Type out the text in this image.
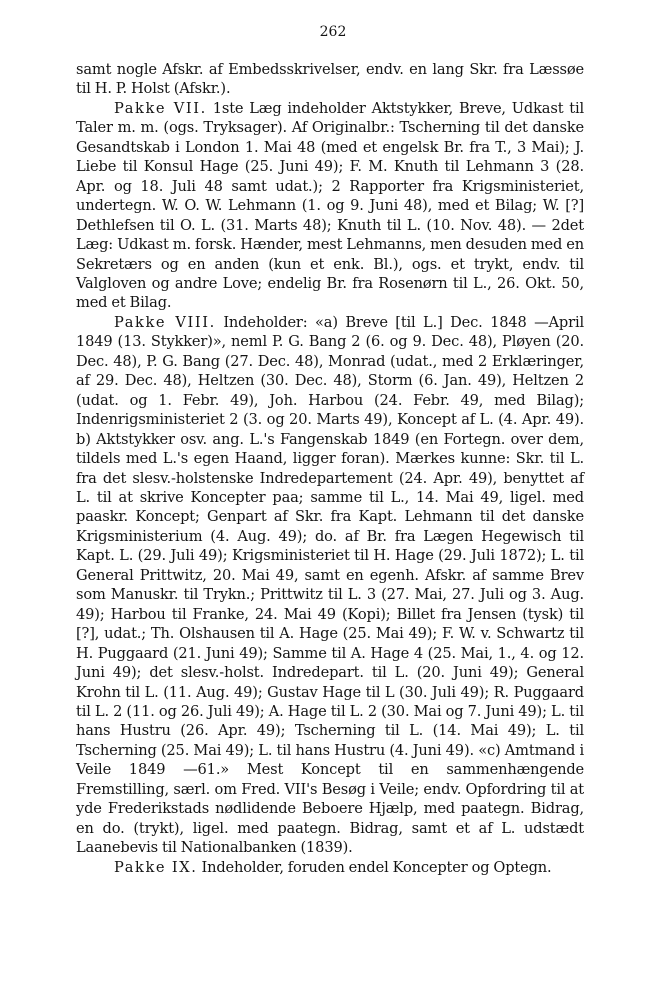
262

samt nogle Afskr. af Embedsskrivelser, endv. en lang Skr. fra Læssøe til H. P. Holst (Afskr.).

Pakke VII. 1ste Læg indeholder Aktstykker, Breve, Udkast til Taler m. m. (ogs. Tryksager). Af Originalbr.: Tscherning til det danske Gesandtskab i London 1. Mai 48 (med et engelsk Br. fra T., 3 Mai); J. Liebe til Konsul Hage (25. Juni 49); F. M. Knuth til Lehmann 3 (28. Apr. og 18. Juli 48 samt udat.); 2 Rapporter fra Krigsministeriet, undertegn. W. O. W. Lehmann (1. og 9. Juni 48), med et Bilag; W. [?] Dethlefsen til O. L. (31. Marts 48); Knuth til L. (10. Nov. 48). — 2det Læg: Udkast m. forsk. Hænder, mest Lehmanns, men desuden med en Sekretærs og en anden (kun et enk. Bl.), ogs. et trykt, endv. til Valgloven og andre Love; endelig Br. fra Rosenørn til L., 26. Okt. 50, med et Bilag.

Pakke VIII. Indeholder: «a) Breve [til L.] Dec. 1848 —April 1849 (13. Stykker)», neml P. G. Bang 2 (6. og 9. Dec. 48), Pløyen (20. Dec. 48), P. G. Bang (27. Dec. 48), Monrad (udat., med 2 Erklæringer, af 29. Dec. 48), Heltzen (30. Dec. 48), Storm (6. Jan. 49), Heltzen 2 (udat. og 1. Febr. 49), Joh. Harbou (24. Febr. 49, med Bilag); Indenrigsministeriet 2 (3. og 20. Marts 49), Koncept af L. (4. Apr. 49). b) Aktstykker osv. ang. L.'s Fangenskab 1849 (en Fortegn. over dem, tildels med L.'s egen Haand, ligger foran). Mærkes kunne: Skr. til L. fra det slesv.-holstenske Indredepartement (24. Apr. 49), benyttet af L. til at skrive Koncepter paa; samme til L., 14. Mai 49, ligel. med paaskr. Koncept; Genpart af Skr. fra Kapt. Lehmann til det danske Krigsministerium (4. Aug. 49); do. af Br. fra Lægen Hegewisch til Kapt. L. (29. Juli 49); Krigsministeriet til H. Hage (29. Juli 1872); L. til General Prittwitz, 20. Mai 49, samt en egenh. Afskr. af samme Brev som Manuskr. til Trykn.; Prittwitz til L. 3 (27. Mai, 27. Juli og 3. Aug. 49); Harbou til Franke, 24. Mai 49 (Kopi); Billet fra Jensen (tysk) til [?], udat.; Th. Olshausen til A. Hage (25. Mai 49); F. W. v. Schwartz til H. Puggaard (21. Juni 49); Samme til A. Hage 4 (25. Mai, 1., 4. og 12. Juni 49); det slesv.-holst. Indredepart. til L. (20. Juni 49); General Krohn til L. (11. Aug. 49); Gustav Hage til L (30. Juli 49); R. Puggaard til L. 2 (11. og 26. Juli 49); A. Hage til L. 2 (30. Mai og 7. Juni 49); L. til hans Hustru (26. Apr. 49); Tscherning til L. (14. Mai 49); L. til Tscherning (25. Mai 49); L. til hans Hustru (4. Juni 49). «c) Amtmand i Veile 1849 —61.» Mest Koncept til en sammenhængende Fremstilling, særl. om Fred. VII's Besøg i Veile; endv. Opfordring til at yde Frederikstads nødlidende Beboere Hjælp, med paategn. Bidrag, en do. (trykt), ligel. med paategn. Bidrag, samt et af L. udstædt Laanebevis til Nationalbanken (1839).

Pakke IX. Indeholder, foruden endel Koncepter og Optegn.
